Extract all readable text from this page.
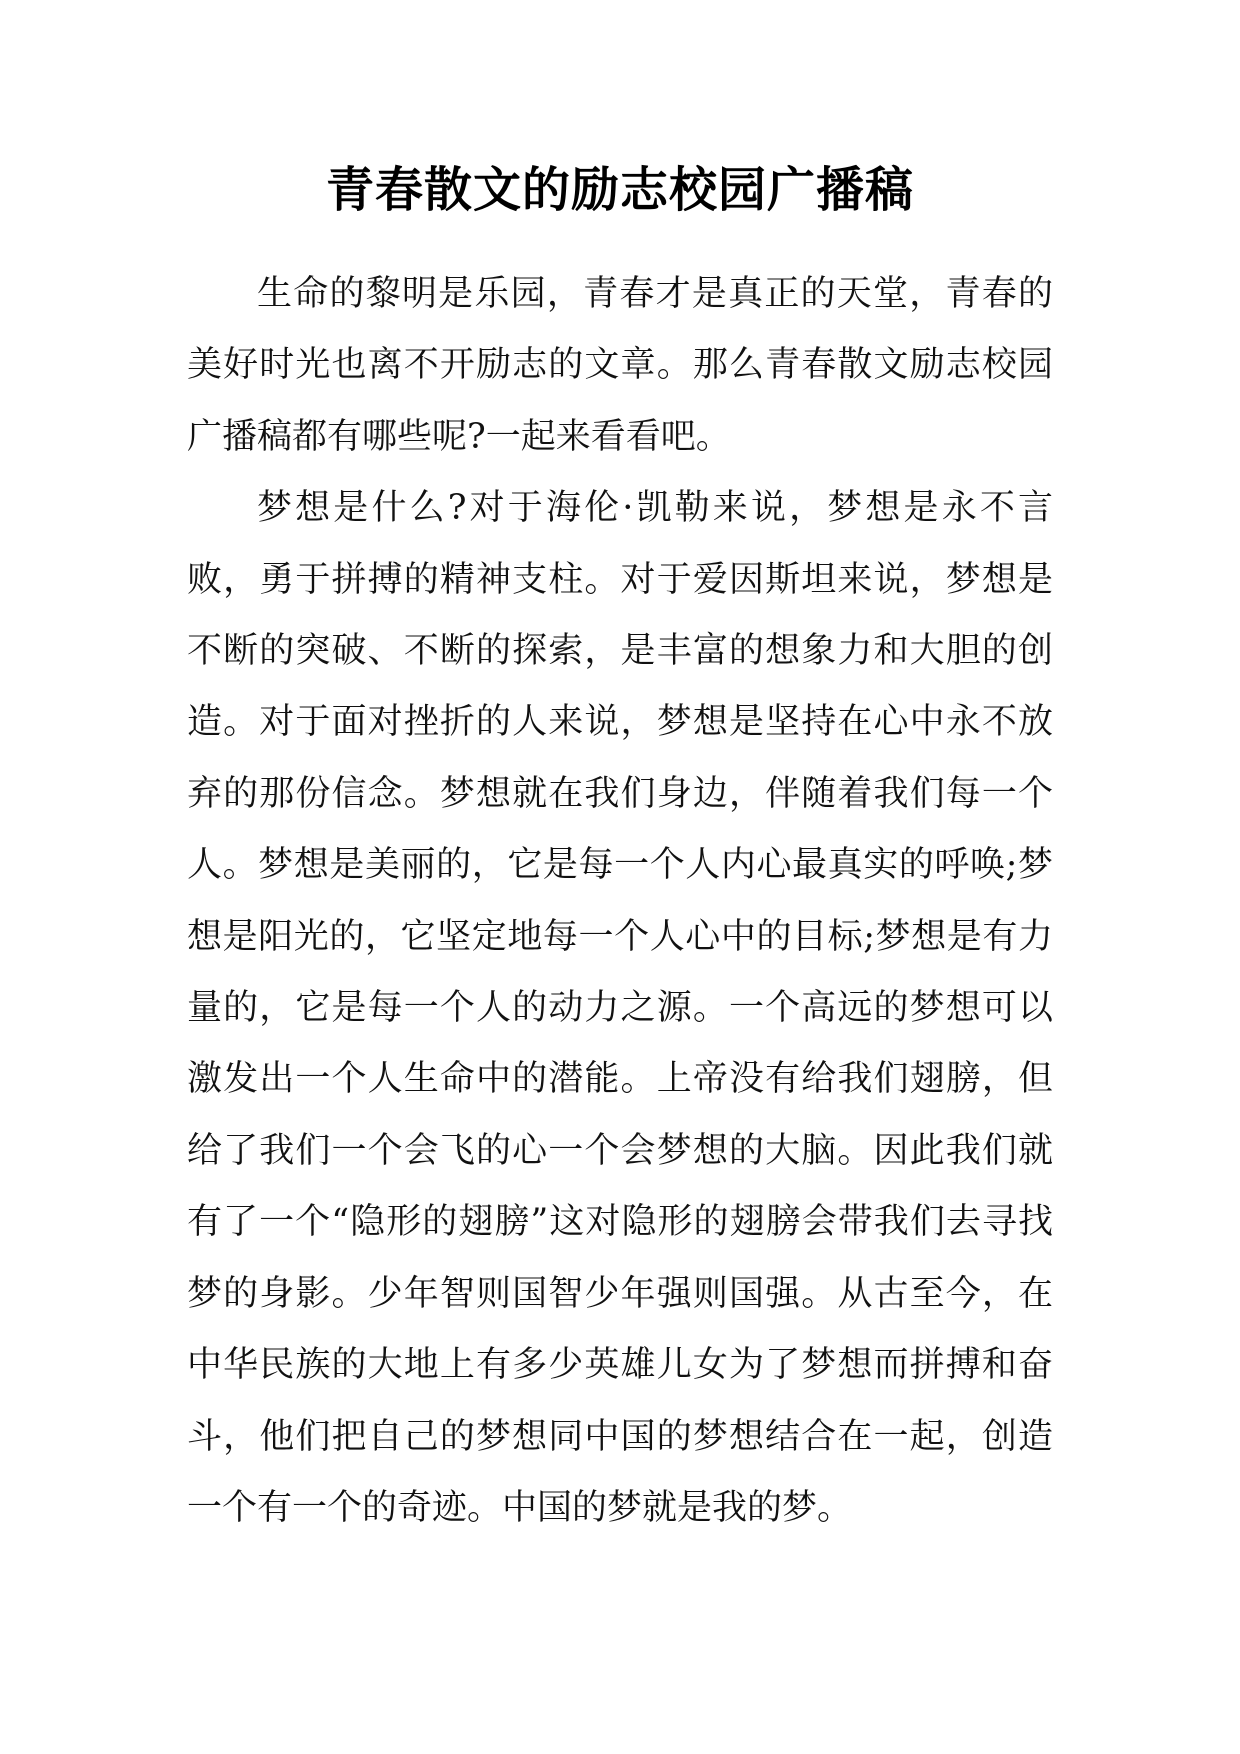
青春散文的励志校园广播稿

生命的黎明是乐园，青春才是真正的天堂，青春的美好时光也离不开励志的文章。那么青春散文励志校园广播稿都有哪些呢?一起来看看吧。

梦想是什么?对于海伦·凯勒来说，梦想是永不言败，勇于拼搏的精神支柱。对于爱因斯坦来说，梦想是不断的突破、不断的探索，是丰富的想象力和大胆的创造。对于面对挫折的人来说，梦想是坚持在心中永不放弃的那份信念。梦想就在我们身边，伴随着我们每一个人。梦想是美丽的，它是每一个人内心最真实的呼唤;梦想是阳光的，它坚定地每一个人心中的目标;梦想是有力量的，它是每一个人的动力之源。一个高远的梦想可以激发出一个人生命中的潜能。上帝没有给我们翅膀，但给了我们一个会飞的心一个会梦想的大脑。因此我们就有了一个“隐形的翅膀”这对隐形的翅膀会带我们去寻找梦的身影。少年智则国智少年强则国强。从古至今，在中华民族的大地上有多少英雄儿女为了梦想而拼搏和奋斗，他们把自己的梦想同中国的梦想结合在一起，创造一个有一个的奇迹。中国的梦就是我的梦。
